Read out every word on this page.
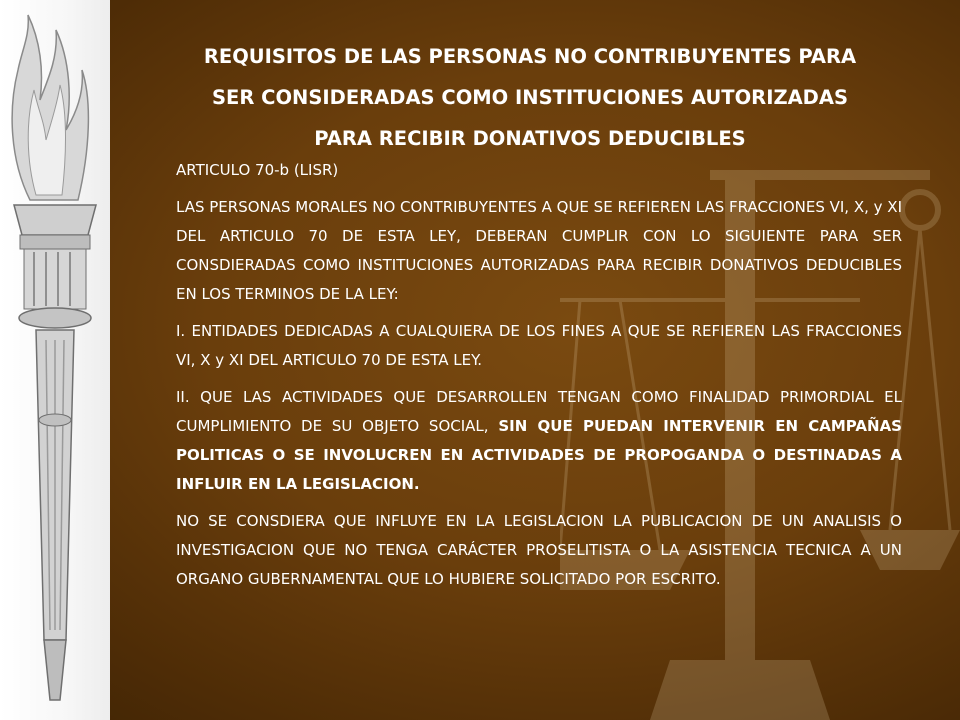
REQUISITOS DE LAS PERSONAS NO CONTRIBUYENTES PARA
SER CONSIDERADAS COMO INSTITUCIONES AUTORIZADAS
PARA RECIBIR DONATIVOS DEDUCIBLES

ARTICULO 70-b (LISR)

LAS PERSONAS MORALES NO CONTRIBUYENTES A QUE SE REFIEREN LAS FRACCIONES VI, X, y XI DEL ARTICULO 70 DE ESTA LEY, DEBERAN CUMPLIR CON LO SIGUIENTE PARA SER CONSDIERADAS COMO INSTITUCIONES AUTORIZADAS PARA RECIBIR DONATIVOS DEDUCIBLES EN LOS TERMINOS DE LA LEY:

I. ENTIDADES DEDICADAS A CUALQUIERA DE LOS FINES A QUE SE REFIEREN LAS FRACCIONES VI, X y XI DEL ARTICULO 70 DE ESTA LEY.

II. QUE LAS ACTIVIDADES QUE DESARROLLEN TENGAN COMO FINALIDAD PRIMORDIAL EL CUMPLIMIENTO DE SU OBJETO SOCIAL, SIN QUE PUEDAN INTERVENIR EN CAMPAÑAS POLITICAS O SE INVOLUCREN EN ACTIVIDADES DE PROPOGANDA O DESTINADAS A INFLUIR EN LA LEGISLACION.

NO SE CONSDIERA QUE INFLUYE EN LA LEGISLACION LA PUBLICACION DE UN ANALISIS O INVESTIGACION QUE NO TENGA CARÁCTER PROSELITISTA O LA ASISTENCIA TECNICA A UN ORGANO GUBERNAMENTAL QUE LO HUBIERE SOLICITADO POR ESCRITO.
